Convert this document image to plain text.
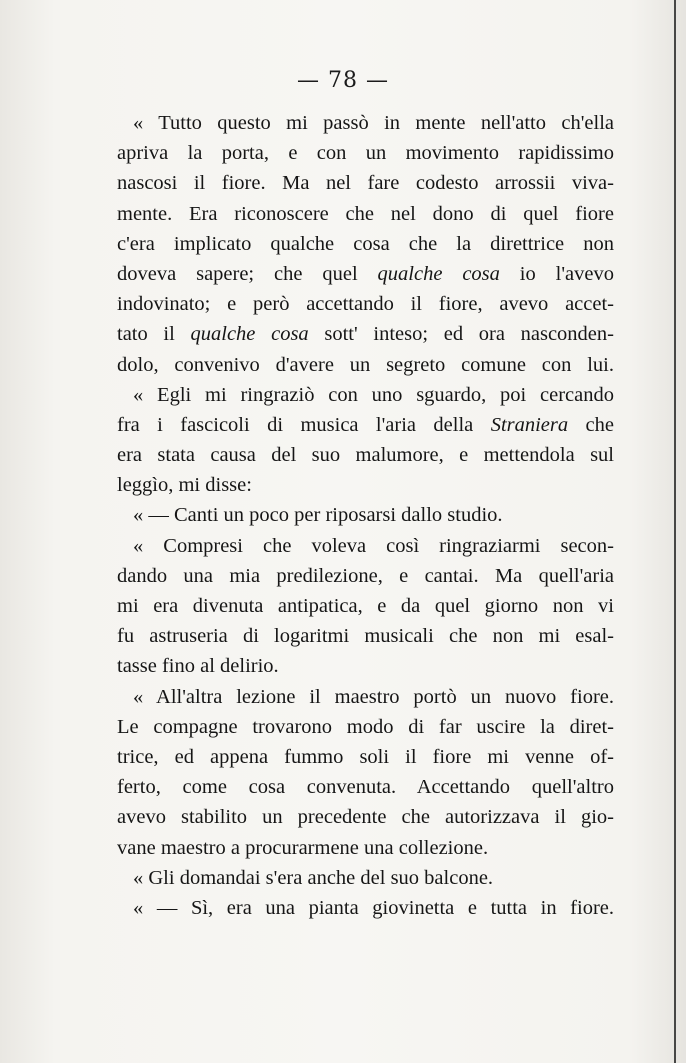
— 78 —
« Tutto questo mi passò in mente nell'atto ch'ella
apriva la porta, e con un movimento rapidissimo
nascosi il fiore. Ma nel fare codesto arrossii viva-
mente. Era riconoscere che nel dono di quel fiore
c'era implicato qualche cosa che la direttrice non
doveva sapere; che quel qualche cosa io l'avevo
indovinato; e però accettando il fiore, avevo accet-
tato il qualche cosa sott' inteso; ed ora nasconden-
dolo, convenivo d'avere un segreto comune con lui.
« Egli mi ringraziò con uno sguardo, poi cercando
fra i fascicoli di musica l'aria della Straniera che
era stata causa del suo malumore, e mettendola sul
leggìo, mi disse:
« — Canti un poco per riposarsi dallo studio.
« Compresi che voleva così ringraziarmi secon-
dando una mia predilezione, e cantai. Ma quell'aria
mi era divenuta antipatica, e da quel giorno non vi
fu astruseria di logaritmi musicali che non mi esal-
tasse fino al delirio.
« All'altra lezione il maestro portò un nuovo fiore.
Le compagne trovarono modo di far uscire la diret-
trice, ed appena fummo soli il fiore mi venne of-
ferto, come cosa convenuta. Accettando quell'altro
avevo stabilito un precedente che autorizzava il gio-
vane maestro a procurarmene una collezione.
« Gli domandai s'era anche del suo balcone.
« — Sì, era una pianta giovinetta e tutta in fiore.
